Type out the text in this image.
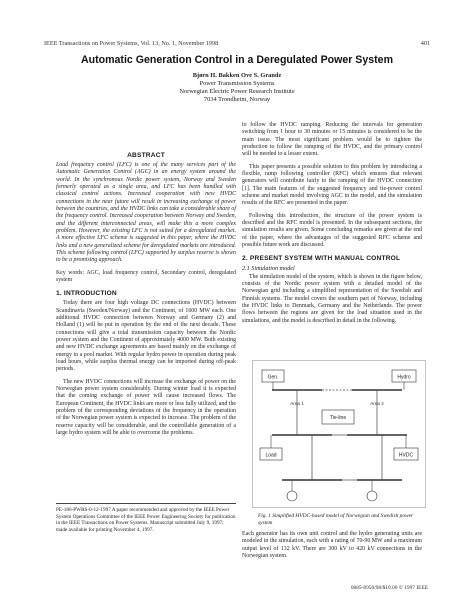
IEEE Transactions on Power Systems, Vol. 13, No. 1, November 1998	401
Automatic Generation Control in a Deregulated Power System
Bjørn H. Bakken Ove S. Grande
Power Transmission Systems
Norwegian Electric Power Research Institute
7034 Trondheim, Norway
ABSTRACT

Load frequency control (LFC) is one of the many services part of the Automatic Generation Control (AGC) in an energy system around the world. In the synchronous Nordic power system, Norway and Sweden formerly operated as a single area, and LFC has been handled with classical control actions. Increased cooperation with new HVDC connections in the near future will result in increasing exchange of power between the countries, and the HVDC links can take a considerable share of the frequency control. Increased cooperation between Norway and Sweden, and the different interconnected areas, will make this a more complex problem. However, the existing LFC is not suited for a deregulated market. A more effective LFC scheme is suggested in this paper, where the HVDC links and a new generalized scheme for deregulated markets are introduced. This scheme following control (LFC) supported by surplus reserve is shown to be a promising approach.

Key words: AGC, load frequency control, Secondary control, deregulated system

1. INTRODUCTION

Today there are four high voltage DC connections (HVDC) between Scandinavia (Sweden/Norway) and the Continent, of 1600 MW each. One additional HVDC connection between Norway and Germany (2) and Holland (1) will be put in operation by the end of the next decade. These connections will give a total transmission capacity between the Nordic power system and the Continent of approximately 4000 MW. Both existing and new HVDC exchange agreements are based mainly on the exchange of energy in a pool market. With regular hydro power in operation during peak load hours, while surplus thermal energy can be imported during off-peak periods.

The new HVDC connections will increase the exchange of power on the Norwegian power system considerably. During winter load it is expected that the coming exchange of power will cause increased flows. The European Continent, the HVDC links are more or less fully utilized, and the problem of the corresponding deviations of the frequency in the operation of the Norwegian power system is expected to increase. The problem of the reserve capacity will be considerable, and the controllable generation of a large hydro system will be able to overcome the problems.

PE-186-PWRS-0-12-1997 A paper recommended and approved by the IEEE Power System Operations Committee of the IEEE Power Engineering Society for publication in the IEEE Transactions on Power Systems. Manuscript submitted July 9, 1997; made available for printing November 4, 1997.

to follow the HVDC ramping. Reducing the intervals for generation switching from 1 hour to 30 minutes or 15 minutes is considered to be the main issue. The most significant problem would be to tighten the production to follow the ramping of the HVDC, and the primary control will be needed to a lesser extent.

This paper presents a possible solution to this problem by introducing a flexible, ramp following controller (RFC) which ensures that relevant generators will contribute fairly to the ramping of the HVDC connection [1]. The main features of the suggested frequency and tie-power control scheme and market model involving AGC in the model, and the simulation results of the RFC are presented in the paper.

Following this introduction, the structure of the power system is described and the RFC model is presented. In the subsequent sections, the simulation results are given. Some concluding remarks are given at the end of the paper, where the advantages of the suggested RFC scheme and possible future work are discussed.

2. PRESENT SYSTEM WITH MANUAL CONTROL
2.1 Simulation model

The simulation model of the system, which is shown in the figure below, consists of the Nordic power system with a detailed model of the Norwegian grid including a simplified representation of the Swedish and Finnish systems. The model covers the southern part of Norway, including the HVDC links to Denmark, Germany and the Netherlands. The power flows between the regions are given for the load situation used in the simulations, and the model is described in detail in the following.

Gen.	Hydro
Load	HVDC
Tie-line
Area 1	Area 2
Fig. 1 Simplified HVDC-based model of Norwegian and Swedish power system

Each generator has its own unit control and the hydro generating units are modeled in the simulation, each with a rating of 70-90 MW and a maximum output level of 132 kV. There are 300 kV to 420 kV connections in the Norwegian system.

0885-8950/98/$10.00 © 1997 IEEE
